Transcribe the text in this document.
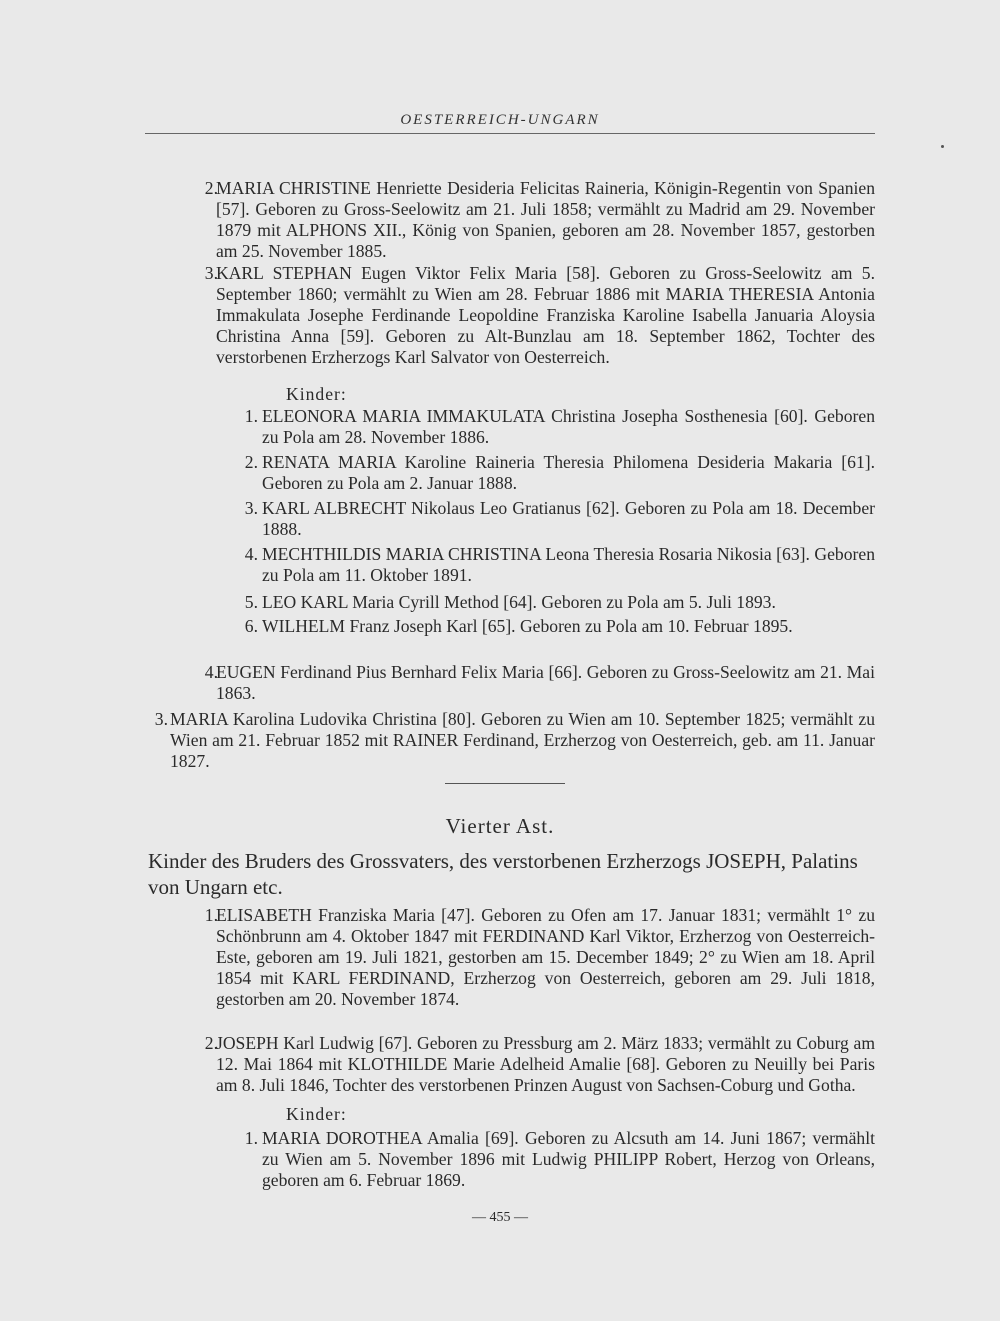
OESTERREICH-UNGARN
2.
MARIA CHRISTINE Henriette Desideria Felicitas Raineria, Königin-Regentin von Spanien [57]. Geboren zu Gross-Seelowitz am 21. Juli 1858; vermählt zu Madrid am 29. November 1879 mit ALPHONS XII., König von Spanien, geboren am 28. November 1857, gestorben am 25. November 1885.
3.
KARL STEPHAN Eugen Viktor Felix Maria [58]. Geboren zu Gross-Seelowitz am 5. September 1860; vermählt zu Wien am 28. Februar 1886 mit MARIA THERESIA Antonia Immakulata Josephe Ferdinande Leopoldine Franziska Karoline Isabella Januaria Aloysia Christina Anna [59]. Geboren zu Alt-Bunzlau am 18. September 1862, Tochter des verstorbenen Erzherzogs Karl Salvator von Oesterreich.
Kinder:
1. ELEONORA MARIA IMMAKULATA Christina Josepha Sosthenesia [60]. Geboren zu Pola am 28. November 1886.
2. RENATA MARIA Karoline Raineria Theresia Philomena Desideria Makaria [61]. Geboren zu Pola am 2. Januar 1888.
3. KARL ALBRECHT Nikolaus Leo Gratianus [62]. Geboren zu Pola am 18. December 1888.
4. MECHTHILDIS MARIA CHRISTINA Leona Theresia Rosaria Nikosia [63]. Geboren zu Pola am 11. Oktober 1891.
5. LEO KARL Maria Cyrill Method [64]. Geboren zu Pola am 5. Juli 1893.
6. WILHELM Franz Joseph Karl [65]. Geboren zu Pola am 10. Februar 1895.
4.
EUGEN Ferdinand Pius Bernhard Felix Maria [66]. Geboren zu Gross-Seelowitz am 21. Mai 1863.
3. MARIA Karolina Ludovika Christina [80]. Geboren zu Wien am 10. September 1825; vermählt zu Wien am 21. Februar 1852 mit RAINER Ferdinand, Erzherzog von Oesterreich, geb. am 11. Januar 1827.
Vierter Ast.
Kinder des Bruders des Grossvaters, des verstorbenen Erzherzogs JOSEPH, Palatins von Ungarn etc.
1.
ELISABETH Franziska Maria [47]. Geboren zu Ofen am 17. Januar 1831; vermählt 1° zu Schönbrunn am 4. Oktober 1847 mit FERDINAND Karl Viktor, Erzherzog von Oesterreich-Este, geboren am 19. Juli 1821, gestorben am 15. December 1849; 2° zu Wien am 18. April 1854 mit KARL FERDINAND, Erzherzog von Oesterreich, geboren am 29. Juli 1818, gestorben am 20. November 1874.
2.
JOSEPH Karl Ludwig [67]. Geboren zu Pressburg am 2. März 1833; vermählt zu Coburg am 12. Mai 1864 mit KLOTHILDE Marie Adelheid Amalie [68]. Geboren zu Neuilly bei Paris am 8. Juli 1846, Tochter des verstorbenen Prinzen August von Sachsen-Coburg und Gotha.
Kinder:
1. MARIA DOROTHEA Amalia [69]. Geboren zu Alcsuth am 14. Juni 1867; vermählt zu Wien am 5. November 1896 mit Ludwig PHILIPP Robert, Herzog von Orleans, geboren am 6. Februar 1869.
— 455 —
